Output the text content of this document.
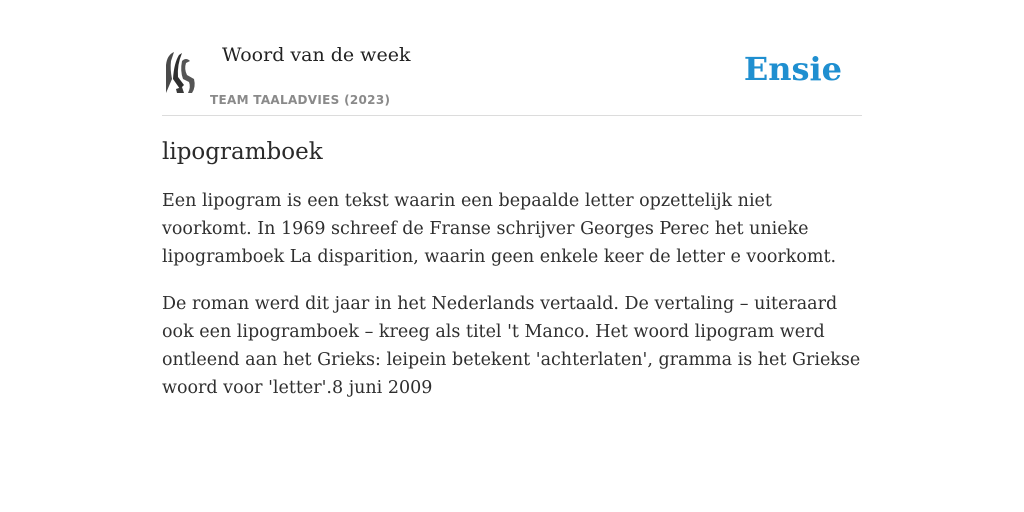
Woord van de week
TEAM TAALADVIES (2023)
Ensie
lipogramboek

Een lipogram is een tekst waarin een bepaalde letter opzettelijk niet voorkomt. In 1969 schreef de Franse schrijver Georges Perec het unieke lipogramboek La disparition, waarin geen enkele keer de letter e voorkomt.

De roman werd dit jaar in het Nederlands vertaald. De vertaling – uiteraard ook een lipogramboek – kreeg als titel 't Manco. Het woord lipogram werd ontleend aan het Grieks: leipein betekent 'achterlaten', gramma is het Griekse woord voor 'letter'.8 juni 2009
